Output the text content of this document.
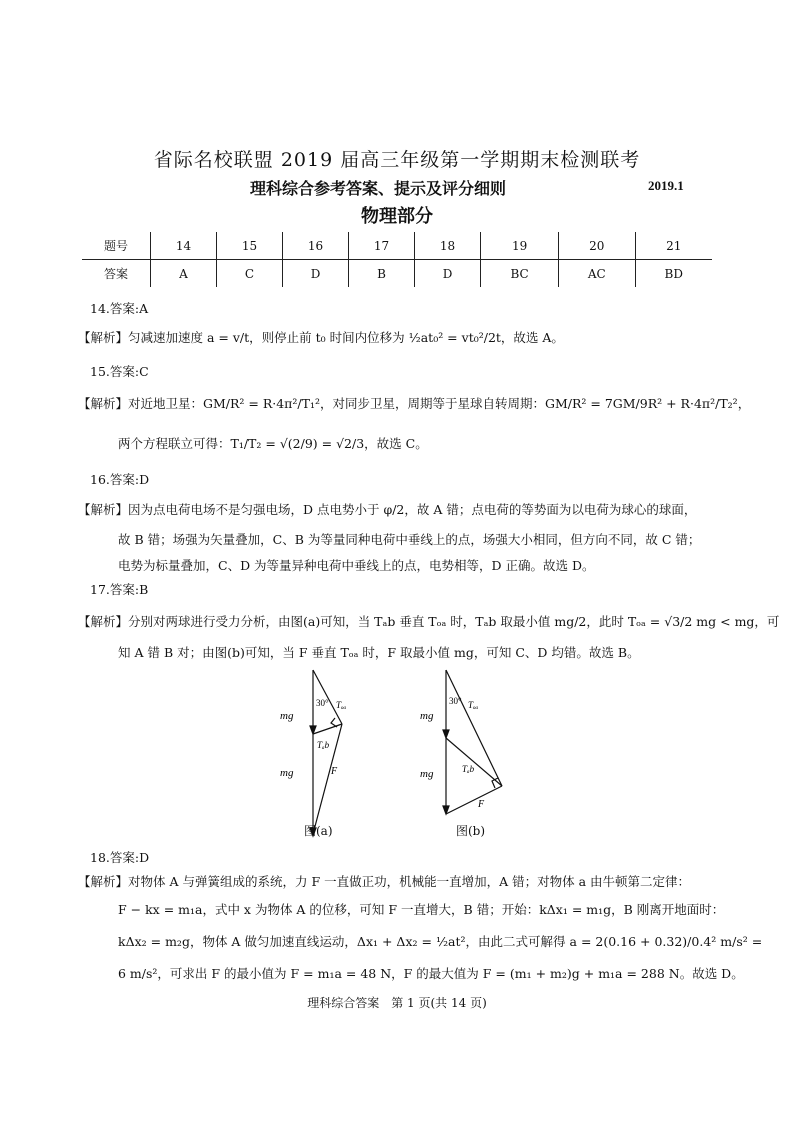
省际名校联盟 2019 届高三年级第一学期期末检测联考
理科综合参考答案、提示及评分细则	2019.1
物理部分
题号	14	15	16	17	18	19	20	21
答案	A	C	D	B	D	BC	AC	BD
14.答案:A
【解析】匀减速加速度 a = v/t，则停止前 t₀ 时间内位移为 ½at₀² = vt₀²/2t，故选 A。
15.答案:C
【解析】对近地卫星：GM/R² = R·4π²/T₁²，对同步卫星，周期等于星球自转周期：GM/R² = 7GM/9R² + R·4π²/T₂²，
两个方程联立可得：T₁/T₂ = √(2/9) = √2/3，故选 C。
16.答案:D
【解析】因为点电荷电场不是匀强电场，D 点电势小于 φ/2，故 A 错；点电荷的等势面为以电荷为球心的球面，
故 B 错；场强为矢量叠加，C、B 为等量同种电荷中垂线上的点，场强大小相同，但方向不同，故 C 错；
电势为标量叠加，C、D 为等量异种电荷中垂线上的点，电势相等，D 正确。故选 D。
17.答案:B
【解析】分别对两球进行受力分析，由图(a)可知，当 Tₐb 垂直 Tₒₐ 时，Tₐb 取最小值 mg/2，此时 Tₒₐ = √3/2 mg < mg，可
知 A 错 B 对；由图(b)可知，当 F 垂直 Tₒₐ 时，F 取最小值 mg，可知 C、D 均错。故选 B。
30°
mg
mg
Tₒₐ
Tₐb
F
图(a)
30°
mg
mg
Tₒₐ
Tₐb
F
图(b)
18.答案:D
【解析】对物体 A 与弹簧组成的系统，力 F 一直做正功，机械能一直增加，A 错；对物体 a 由牛顿第二定律：
F − kx = m₁a，式中 x 为物体 A 的位移，可知 F 一直增大，B 错；开始：kΔx₁ = m₁g，B 刚离开地面时：
kΔx₂ = m₂g，物体 A 做匀加速直线运动，Δx₁ + Δx₂ = ½at²，由此二式可解得 a = 2(0.16 + 0.32)/0.4² m/s² =
6 m/s²，可求出 F 的最小值为 F = m₁a = 48 N，F 的最大值为 F = (m₁ + m₂)g + m₁a = 288 N。故选 D。
理科综合答案　第 1 页(共 14 页)
